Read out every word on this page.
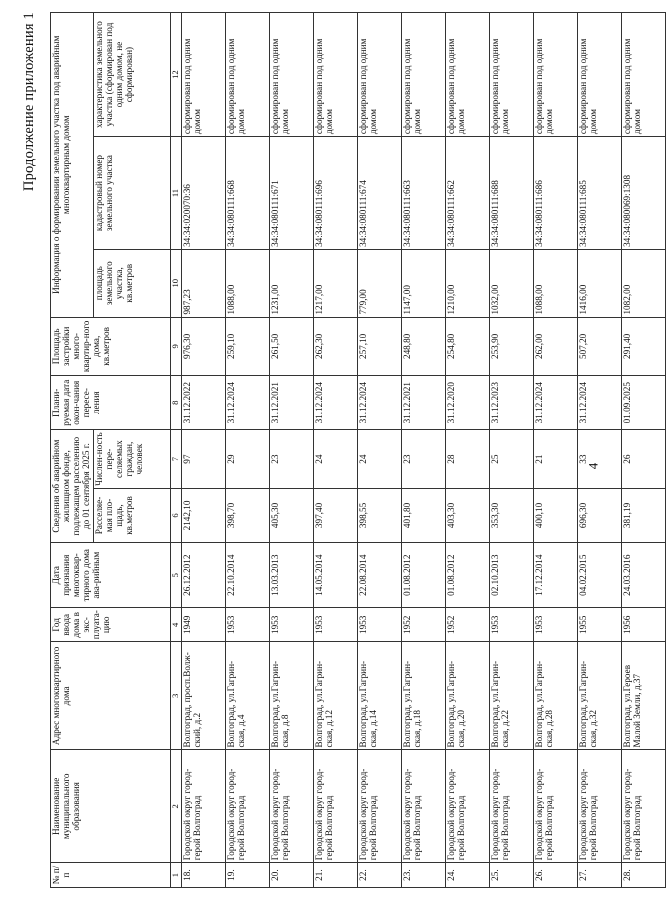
4
Продолжение приложения 1
№ п/п	Наименование муниципального образования	Адрес многоквартирного дома	Год ввода дома в экс-плуата-цию	Дата признания многоквар-тирного дома ава-рийным	Сведения об аварийном жилищном фонде, подлежащем расселению до 01 сентября 2025 г.		Плани-руемая дата окон-чания пересе-ления	Площадь застройки много-квартир-ного дома, кв.метров	Информация о формировании земельного участка под аварийным многоквартирным домом		
					Расселяе-мая пло-щадь, кв.метров	Числен-ность пере-селяемых граждан, человек			площадь земельного участка, кв.метров	кадастровый номер земельного участка	характеристика земельного участка (сформирован под одним домом, не сформирован)
1	2	3	4	5	6	7	8	9	10	11	12
18.	Городской округ город-герой Волгоград	Волгоград, просп.Волж-ский, д.2	1949	26.12.2012	2142,10	97	31.12.2022	976,30	987,23	34:34:020070:36	сформирован под одним домом
19.	Городской округ город-герой Волгоград	Волгоград, ул.Гагрин-ская, д.4	1953	22.10.2014	398,70	29	31.12.2024	259,10	1088,00	34:34:080111:668	сформирован под одним домом
20.	Городской округ город-герой Волгоград	Волгоград, ул.Гагрин-ская, д.8	1953	13.03.2013	405,30	23	31.12.2021	261,50	1231,00	34:34:080111:671	сформирован под одним домом
21.	Городской округ город-герой Волгоград	Волгоград, ул.Гагрин-ская, д.12	1953	14.05.2014	397,40	24	31.12.2024	262,30	1217,00	34:34:080111:696	сформирован под одним домом
22.	Городской округ город-герой Волгоград	Волгоград, ул.Гагрин-ская, д.14	1953	22.08.2014	398,55	24	31.12.2024	257,10	779,00	34:34:080111:674	сформирован под одним домом
23.	Городской округ город-герой Волгоград	Волгоград, ул.Гагрин-ская, д.18	1952	01.08.2012	401,80	23	31.12.2021	248,80	1147,00	34:34:080111:663	сформирован под одним домом
24.	Городской округ город-герой Волгоград	Волгоград, ул.Гагрин-ская, д.20	1952	01.08.2012	403,30	28	31.12.2020	254,80	1210,00	34:34:080111:662	сформирован под одним домом
25.	Городской округ город-герой Волгоград	Волгоград, ул.Гагрин-ская, д.22	1953	02.10.2013	353,30	25	31.12.2023	253,90	1032,00	34:34:080111:688	сформирован под одним домом
26.	Городской округ город-герой Волгоград	Волгоград, ул.Гагрин-ская, д.28	1953	17.12.2014	400,10	21	31.12.2024	262,00	1088,00	34:34:080111:686	сформирован под одним домом
27.	Городской округ город-герой Волгоград	Волгоград, ул.Гагрин-ская, д.32	1955	04.02.2015	696,30	33	31.12.2024	507,20	1416,00	34:34:080111:685	сформирован под одним домом
28.	Городской округ город-герой Волгоград	Волгоград, ул.Героев Малой Земли, д.37	1956	24.03.2016	381,19	26	01.09.2025	291,40	1082,00	34:34:080069:1308	сформирован под одним домом
